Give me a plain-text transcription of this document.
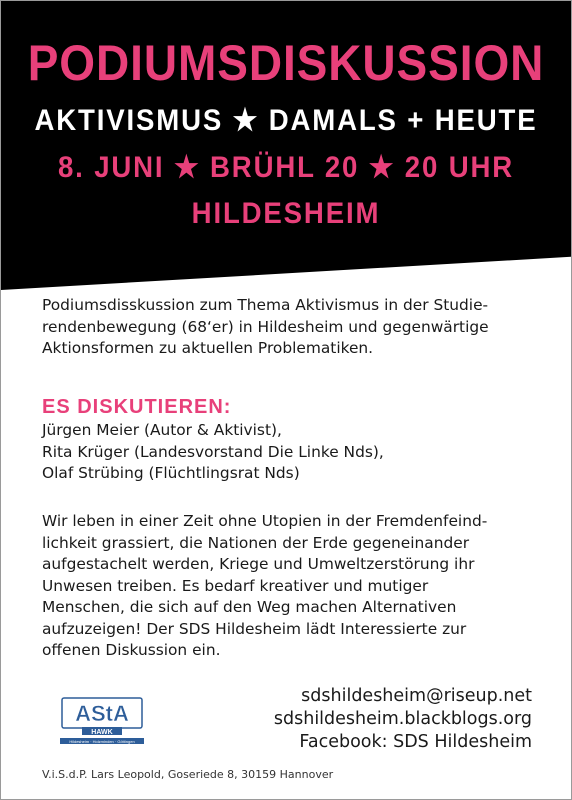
PODIUMSDISKUSSION
AKTIVISMUS ★ DAMALS + HEUTE
8. JUNI ★ BRÜHL 20 ★ 20 UHR
HILDESHEIM
Podiumsdisskussion zum Thema Aktivismus in der Studie-
rendenbewegung (68‘er) in Hildesheim und gegenwärtige
Aktionsformen zu aktuellen Problematiken.
ES DISKUTIEREN:
Jürgen Meier (Autor & Aktivist),
Rita Krüger (Landesvorstand Die Linke Nds),
Olaf Strübing (Flüchtlingsrat Nds)
Wir leben in einer Zeit ohne Utopien in der Fremdenfeind-
lichkeit grassiert, die Nationen der Erde gegeneinander
aufgestachelt werden, Kriege und Umweltzerstörung ihr
Unwesen treiben. Es bedarf kreativer und mutiger
Menschen, die sich auf den Weg machen Alternativen
aufzuzeigen! Der SDS Hildesheim lädt Interessierte zur
offenen Diskussion ein.
AStA
HAWK
Hildesheim · Holzminden · Göttingen
sdshildesheim@riseup.net
sdshildesheim.blackblogs.org
Facebook: SDS Hildesheim
V.i.S.d.P. Lars Leopold, Goseriede 8, 30159 Hannover
